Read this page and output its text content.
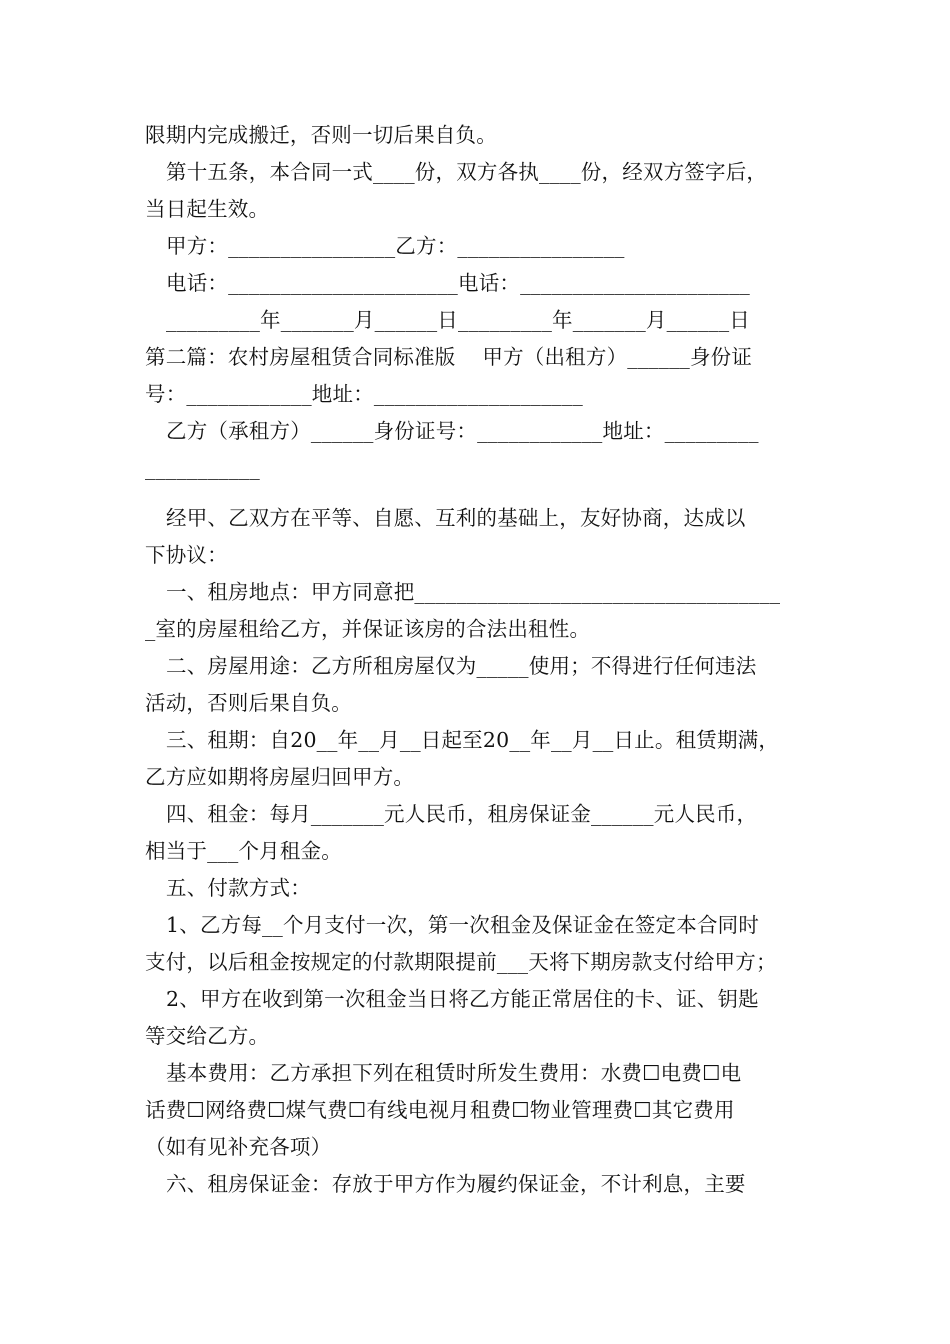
限期内完成搬迁，否则一切后果自负。
第十五条，本合同一式____份，双方各执____份，经双方签字后，
当日起生效。
甲方：________________乙方：________________
电话：______________________电话：______________________
_________年_______月______日_________年_______月______日
第二篇：农村房屋租赁合同标准版    甲方（出租方）______身份证
号：____________地址：____________________
乙方（承租方）______身份证号：____________地址：_________
___________
经甲、乙双方在平等、自愿、互利的基础上，友好协商，达成以
下协议：
一、租房地点：甲方同意把___________________________________
_室的房屋租给乙方，并保证该房的合法出租性。
二、房屋用途：乙方所租房屋仅为_____使用；不得进行任何违法
活动，否则后果自负。
三、租期：自20__年__月__日起至20__年__月__日止。租赁期满，
乙方应如期将房屋归回甲方。
四、租金：每月_______元人民币，租房保证金______元人民币，
相当于___个月租金。
五、付款方式：
1、乙方每__个月支付一次，第一次租金及保证金在签定本合同时
支付，以后租金按规定的付款期限提前___天将下期房款支付给甲方；
2、甲方在收到第一次租金当日将乙方能正常居住的卡、证、钥匙
等交给乙方。
基本费用：乙方承担下列在租赁时所发生费用：水费☐电费☐电
话费☐网络费☐煤气费☐有线电视月租费☐物业管理费☐其它费用
（如有见补充各项）
六、租房保证金：存放于甲方作为履约保证金，不计利息，主要
